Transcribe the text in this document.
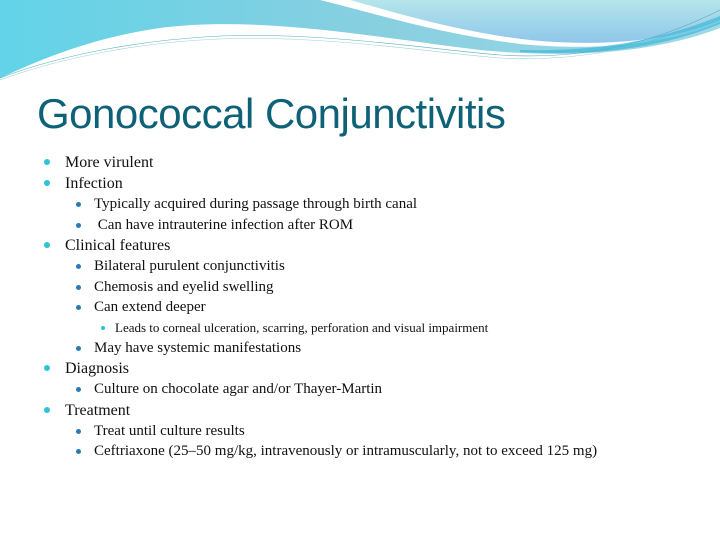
Gonococcal Conjunctivitis
More virulent
Infection
Typically acquired during passage through birth canal
Can have intrauterine infection after ROM
Clinical features
Bilateral purulent conjunctivitis
Chemosis and eyelid swelling
Can extend deeper
Leads to corneal ulceration, scarring, perforation and visual impairment
May have systemic manifestations
Diagnosis
Culture on chocolate agar and/or Thayer-Martin
Treatment
Treat until culture results
Ceftriaxone (25–50 mg/kg, intravenously or intramuscularly, not to exceed 125 mg)
